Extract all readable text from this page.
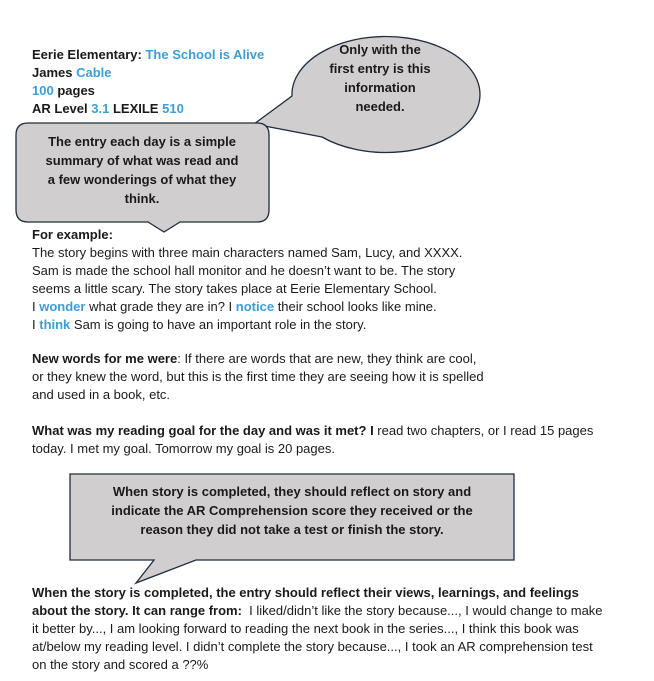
Only with the
first entry is this
information
needed.
The entry each day is a simple
summary of what was read and
a few wonderings of what they
think.
When story is completed, they should reflect on story and
indicate the AR Comprehension score they received or the
reason they did not take a test or finish the story.
Eerie Elementary: The School is Alive
James Cable
100 pages
AR Level 3.1 LEXILE 510
For example:
The story begins with three main characters named Sam, Lucy, and XXXX.
Sam is made the school hall monitor and he doesn’t want to be. The story
seems a little scary. The story takes place at Eerie Elementary School.
I wonder what grade they are in? I notice their school looks like mine.
I think Sam is going to have an important role in the story.
New words for me were: If there are words that are new, they think are cool,
or they knew the word, but this is the first time they are seeing how it is spelled
and used in a book, etc.
What was my reading goal for the day and was it met? I read two chapters, or I read 15 pages
today. I met my goal. Tomorrow my goal is 20 pages.
When the story is completed, the entry should reflect their views, learnings, and feelings
about the story. It can range from:  I liked/didn’t like the story because..., I would change to make
it better by..., I am looking forward to reading the next book in the series..., I think this book was
at/below my reading level. I didn’t complete the story because..., I took an AR comprehension test
on the story and scored a ??%
